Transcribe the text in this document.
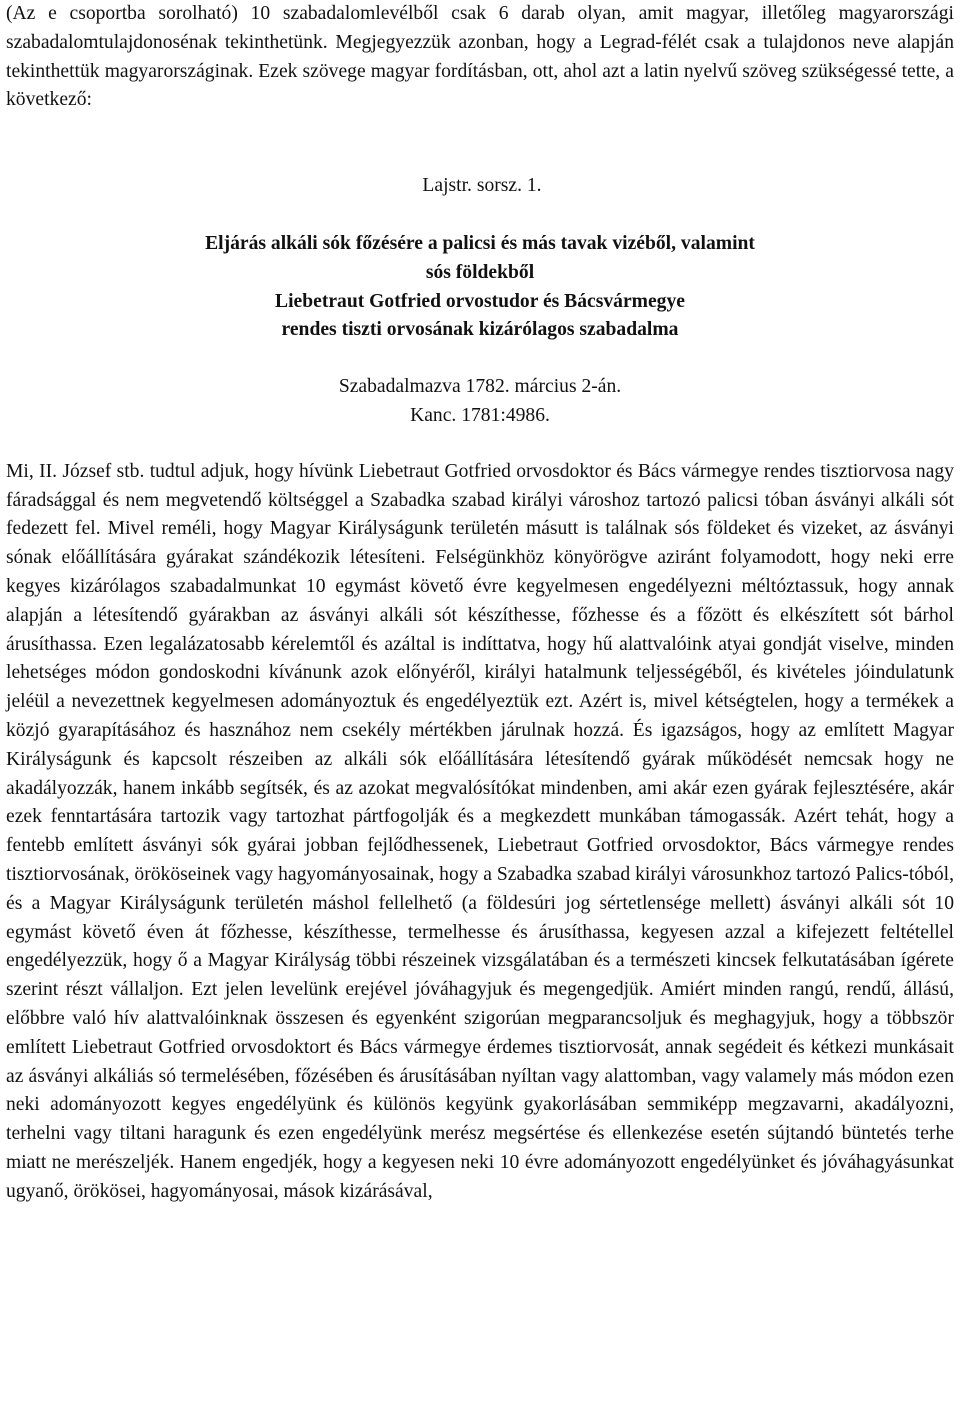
(Az e csoportba sorolható) 10 szabadalomlevélből csak 6 darab olyan, amit magyar, illetőleg magyarországi szabadalomtulajdonosénak tekinthetünk. Megjegyezzük azonban, hogy a Legrad-félét csak a tulajdonos neve alapján tekinthettük magyarországinak. Ezek szövege magyar fordításban, ott, ahol azt a latin nyelvű szöveg szükségessé tette, a következő:

Lajstr. sorsz. 1.

Eljárás alkáli sók főzésére a palicsi és más tavak vizéből, valamint
sós földekből
Liebetraut Gotfried orvostudor és Bácsvármegye
rendes tiszti orvosának kizárólagos szabadalma
Szabadalmazva 1782. március 2-án.
Kanc. 1781:4986.

Mi, II. József stb. tudtul adjuk, hogy hívünk Liebetraut Gotfried orvosdoktor és Bács vármegye rendes tisztiorvosa nagy fáradsággal és nem megvetendő költséggel a Szabadka szabad királyi városhoz tartozó palicsi tóban ásványi alkáli sót fedezett fel. Mivel reméli, hogy Magyar Királyságunk területén másutt is találnak sós földeket és vizeket, az ásványi sónak előállítására gyárakat szándékozik létesíteni. Felségünkhöz könyörögve aziránt folyamodott, hogy neki erre kegyes kizárólagos szabadalmunkat 10 egymást követő évre kegyelmesen engedélyezni méltóztassuk, hogy annak alapján a létesítendő gyárakban az ásványi alkáli sót készíthesse, főzhesse és a főzött és elkészített sót bárhol árusíthassa. Ezen legalázatosabb kérelemtől és azáltal is indíttatva, hogy hű alattvalóink atyai gondját viselve, minden lehetséges módon gondoskodni kívánunk azok előnyéről, királyi hatalmunk teljességéből, és kivételes jóindulatunk jeléül a nevezettnek kegyelmesen adományoztuk és engedélyeztük ezt. Azért is, mivel kétségtelen, hogy a termékek a közjó gyarapításához és hasznához nem csekély mértékben járulnak hozzá. És igazságos, hogy az említett Magyar Királyságunk és kapcsolt részeiben az alkáli sók előállítására létesítendő gyárak működését nemcsak hogy ne akadályozzák, hanem inkább segítsék, és az azokat megvalósítókat mindenben, ami akár ezen gyárak fejlesztésére, akár ezek fenntartására tartozik vagy tartozhat pártfogolják és a megkezdett munkában támogassák. Azért tehát, hogy a fentebb említett ásványi sók gyárai jobban fejlődhessenek, Liebetraut Gotfried orvosdoktor, Bács vármegye rendes tisztiorvosának, örököseinek vagy hagyományosainak, hogy a Szabadka szabad királyi városunkhoz tartozó Palics-tóból, és a Magyar Királyságunk területén máshol fellelhető (a földesúri jog sértetlensége mellett) ásványi alkáli sót 10 egymást követő éven át főzhesse, készíthesse, termelhesse és árusíthassa, kegyesen azzal a kifejezett feltétellel engedélyezzük, hogy ő a Magyar Királyság többi részeinek vizsgálatában és a természeti kincsek felkutatásában ígérete szerint részt vállaljon. Ezt jelen levelünk erejével jóváhagyjuk és megengedjük. Amiért minden rangú, rendű, állású, előbbre való hív alattvalóinknak összesen és egyenként szigorúan megparancsoljuk és meghagyjuk, hogy a többször említett Liebetraut Gotfried orvosdoktort és Bács vármegye érdemes tisztiorvosát, annak segédeit és kétkezi munkásait az ásványi alkáliás só termelésében, főzésében és árusításában nyíltan vagy alattomban, vagy valamely más módon ezen neki adományozott kegyes engedélyünk és különös kegyünk gyakorlásában semmiképp megzavarni, akadályozni, terhelni vagy tiltani haragunk és ezen engedélyünk merész megsértése és ellenkezése esetén sújtandó büntetés terhe miatt ne merészeljék. Hanem engedjék, hogy a kegyesen neki 10 évre adományozott engedélyünket és jóváhagyásunkat ugyanő, örökösei, hagyományosai, mások kizárásával,
